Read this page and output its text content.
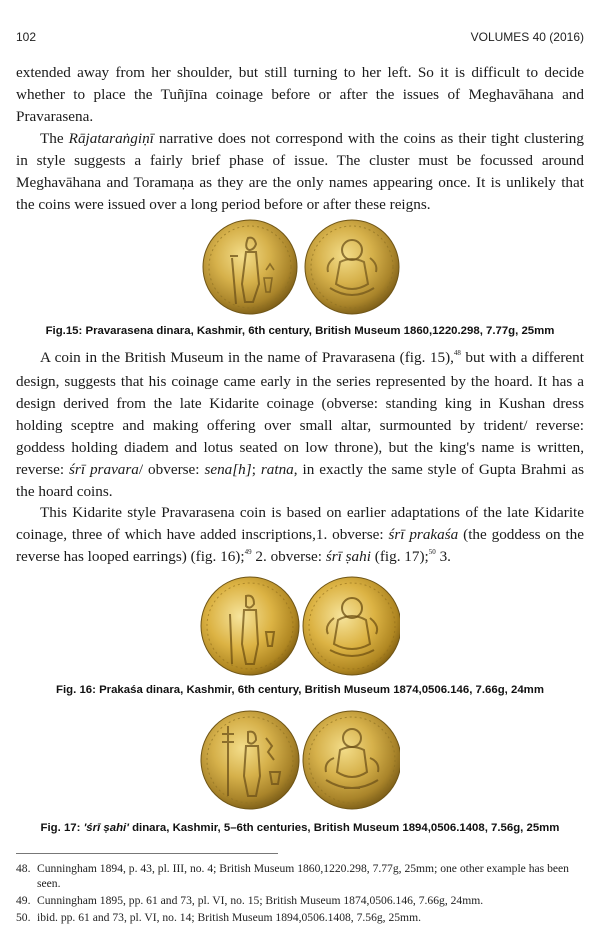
102	VOLUMES 40 (2016)

extended away from her shoulder, but still turning to her left. So it is difficult to decide whether to place the Tuñjīna coinage before or after the issues of Meghavāhana and Pravarasena.

The Rājataraṅgiṇī narrative does not correspond with the coins as their tight clustering in style suggests a fairly brief phase of issue. The cluster must be focussed around Meghavāhana and Toramaṇa as they are the only names appearing once. It is unlikely that the coins were issued over a long period before or after these reigns.

Fig.15: Pravarasena dinara, Kashmir, 6th century, British Museum 1860,1220.298, 7.77g, 25mm

A coin in the British Museum in the name of Pravarasena (fig. 15),$^{48}$ but with a different design, suggests that his coinage came early in the series represented by the hoard. It has a design derived from the late Kidarite coinage (obverse: standing king in Kushan dress holding sceptre and making offering over small altar, surmounted by trident/ reverse: goddess holding diadem and lotus seated on low throne), but the king's name is written, reverse: śrī pravara/ obverse: sena[h]; ratna, in exactly the same style of Gupta Brahmi as the hoard coins.

This Kidarite style Pravarasena coin is based on earlier adaptations of the late Kidarite coinage, three of which have added inscriptions,1. obverse: śrī prakaśa (the goddess on the reverse has looped earrings) (fig. 16);$^{49}$ 2. obverse: śrī ṣahi (fig. 17);$^{50}$ 3.

Fig. 16: Prakaśa dinara, Kashmir, 6th century, British Museum 1874,0506.146, 7.66g, 24mm
Fig. 17: 'śrī ṣahi' dinara, Kashmir, 5–6th centuries, British Museum 1894,0506.1408, 7.56g, 25mm
48. Cunningham 1894, p. 43, pl. III, no. 4; British Museum 1860,1220.298, 7.77g, 25mm; one other example has been seen.
49. Cunningham 1895, pp. 61 and 73, pl. VI, no. 15; British Museum 1874,0506.146, 7.66g, 24mm.
50. ibid. pp. 61 and 73, pl. VI, no. 14; British Museum 1894,0506.1408, 7.56g, 25mm.
